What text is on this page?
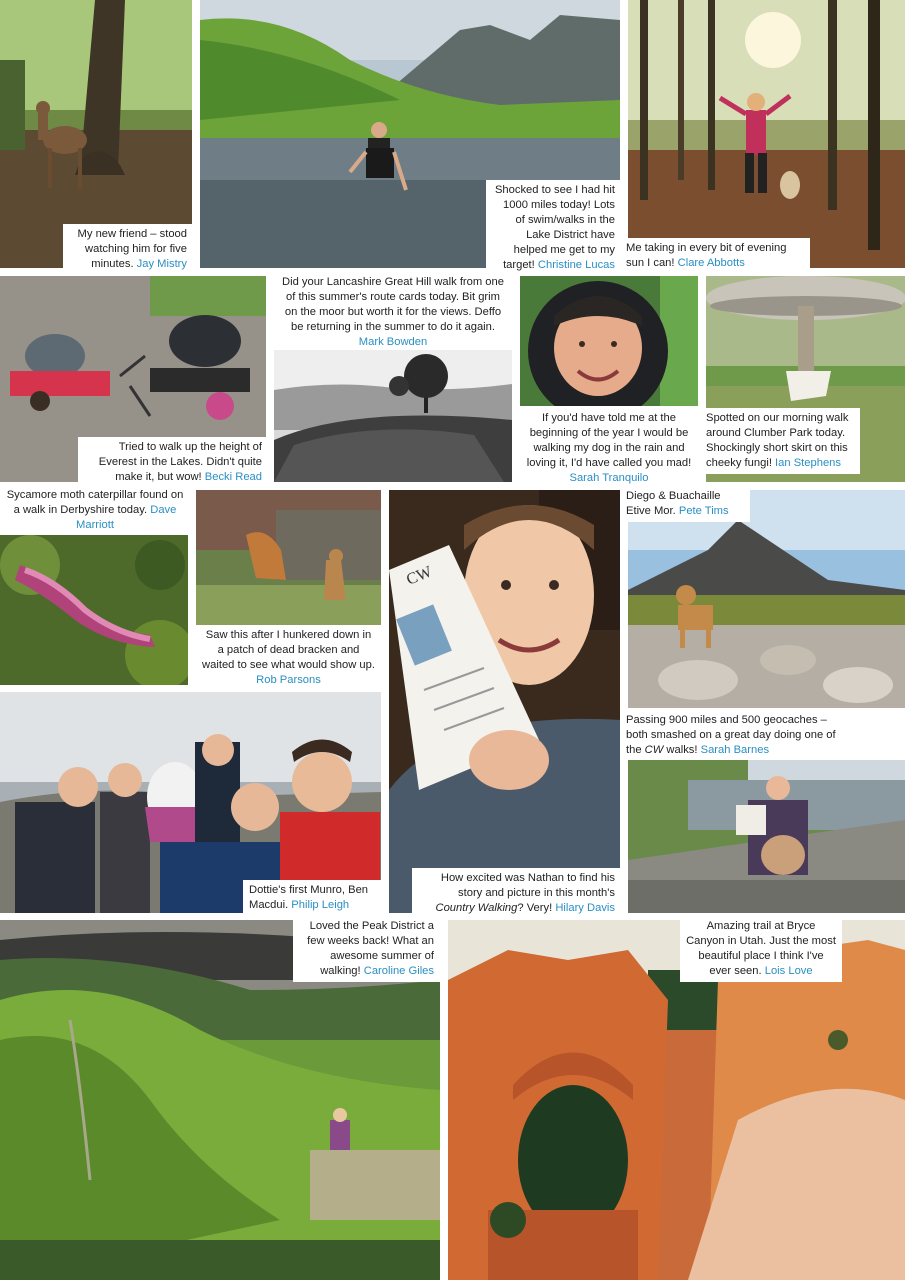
My new friend – stood watching him for five minutes. Jay Mistry
Shocked to see I had hit 1000 miles today! Lots of swim/walks in the Lake District have helped me get to my target! Christine Lucas
Me taking in every bit of evening sun I can! Clare Abbotts
Tried to walk up the height of Everest in the Lakes. Didn't quite make it, but wow! Becki Read
Did your Lancashire Great Hill walk from one of this summer's route cards today. Bit grim on the moor but worth it for the views. Deffo be returning in the summer to do it again. Mark Bowden
If you'd have told me at the beginning of the year I would be walking my dog in the rain and loving it, I'd have called you mad! Sarah Tranquilo
Spotted on our morning walk around Clumber Park today. Shockingly short skirt on this cheeky fungi! Ian Stephens
Sycamore moth caterpillar found on a walk in Derbyshire today. Dave Marriott
Saw this after I hunkered down in a patch of dead bracken and waited to see what would show up. Rob Parsons
CW
How excited was Nathan to find his story and picture in this month's Country Walking? Very! Hilary Davis
Diego & Buachaille Etive Mor. Pete Tims
Passing 900 miles and 500 geocaches – both smashed on a great day doing one of the CW walks! Sarah Barnes
Dottie's first Munro, Ben Macdui. Philip Leigh
Loved the Peak District a few weeks back! What an awesome summer of walking! Caroline Giles
Amazing trail at Bryce Canyon in Utah. Just the most beautiful place I think I've ever seen. Lois Love
